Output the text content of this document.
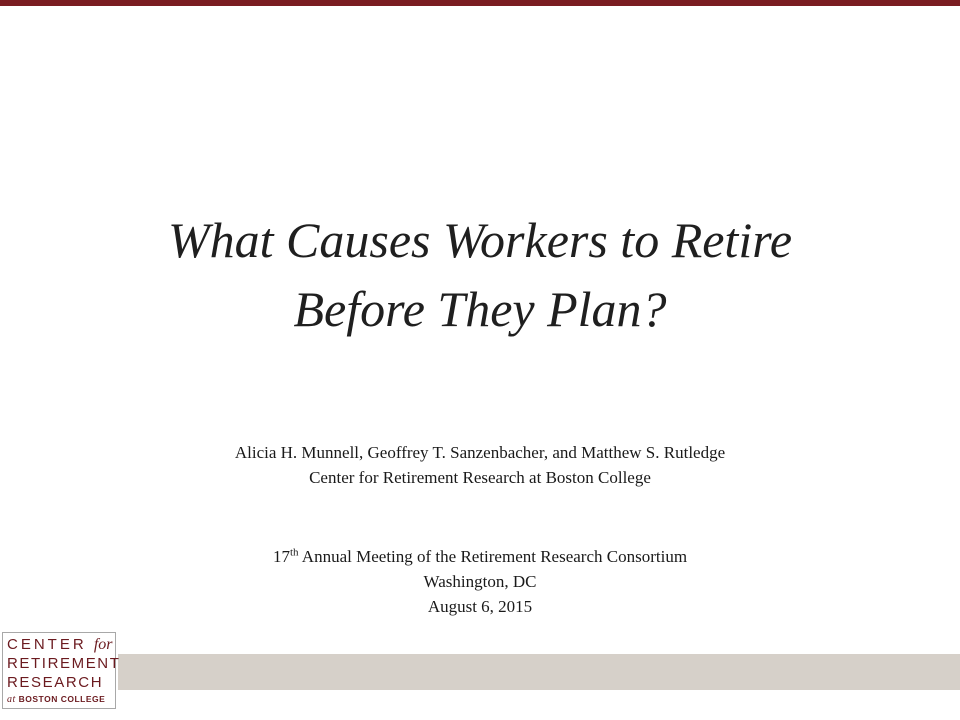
What Causes Workers to Retire
Before They Plan?
Alicia H. Munnell, Geoffrey T. Sanzenbacher, and Matthew S. Rutledge
Center for Retirement Research at Boston College
17th Annual Meeting of the Retirement Research Consortium
Washington, DC
August 6, 2015
CENTER for
RETIREMENT
RESEARCH
at BOSTON COLLEGE
